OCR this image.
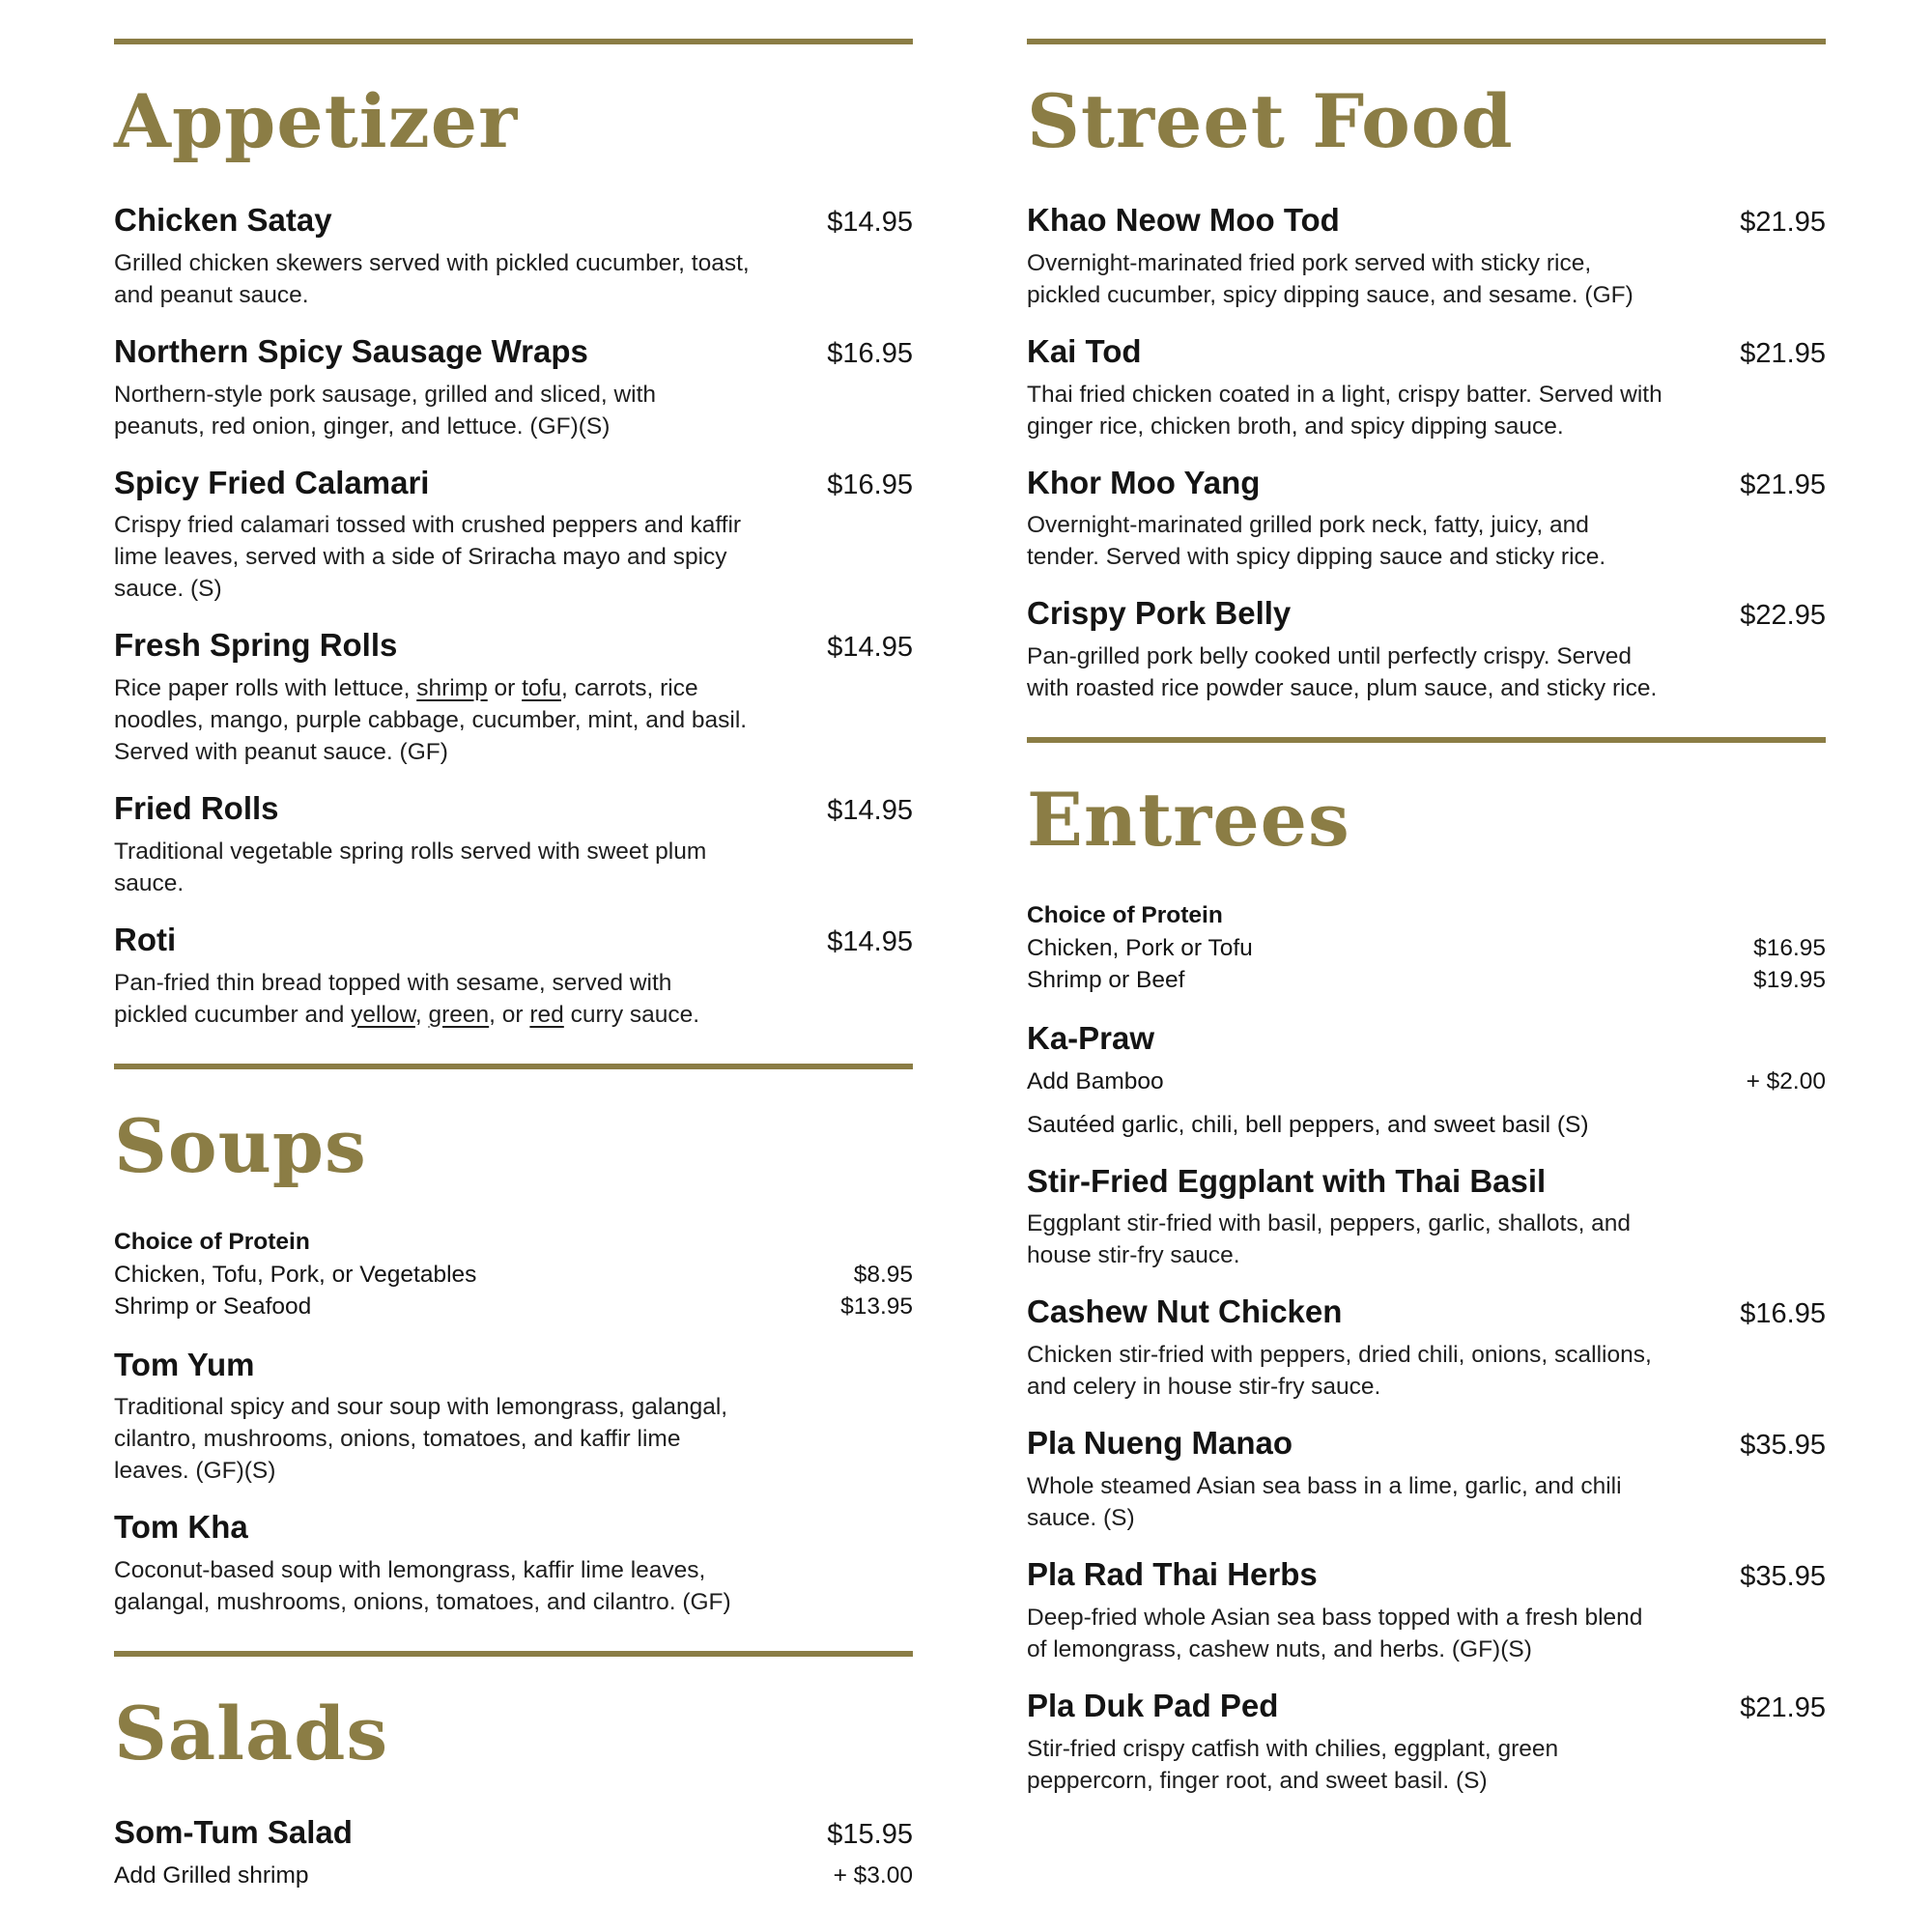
Appetizer
Chicken Satay	$14.95
Grilled chicken skewers served with pickled cucumber, toast, and peanut sauce.
Northern Spicy Sausage Wraps	$16.95
Northern-style pork sausage, grilled and sliced, with peanuts, red onion, ginger, and lettuce. (GF)(S)
Spicy Fried Calamari	$16.95
Crispy fried calamari tossed with crushed peppers and kaffir lime leaves, served with a side of Sriracha mayo and spicy sauce. (S)
Fresh Spring Rolls	$14.95
Rice paper rolls with lettuce, shrimp or tofu, carrots, rice noodles, mango, purple cabbage, cucumber, mint, and basil. Served with peanut sauce. (GF)
Fried Rolls	$14.95
Traditional vegetable spring rolls served with sweet plum sauce.
Roti	$14.95
Pan-fried thin bread topped with sesame, served with pickled cucumber and yellow, green, or red curry sauce.
Soups
Choice of Protein
Chicken, Tofu, Pork, or Vegetables	$8.95
Shrimp or Seafood	$13.95
Tom Yum
Traditional spicy and sour soup with lemongrass, galangal, cilantro, mushrooms, onions, tomatoes, and kaffir lime leaves. (GF)(S)
Tom Kha
Coconut-based soup with lemongrass, kaffir lime leaves, galangal, mushrooms, onions, tomatoes, and cilantro. (GF)
Salads
Som-Tum Salad	$15.95
Add Grilled shrimp	+ $3.00
Street Food
Khao Neow Moo Tod	$21.95
Overnight-marinated fried pork served with sticky rice, pickled cucumber, spicy dipping sauce, and sesame. (GF)
Kai Tod	$21.95
Thai fried chicken coated in a light, crispy batter. Served with ginger rice, chicken broth, and spicy dipping sauce.
Khor Moo Yang	$21.95
Overnight-marinated grilled pork neck, fatty, juicy, and tender. Served with spicy dipping sauce and sticky rice.
Crispy Pork Belly	$22.95
Pan-grilled pork belly cooked until perfectly crispy. Served with roasted rice powder sauce, plum sauce, and sticky rice.
Entrees
Choice of Protein
Chicken, Pork or Tofu	$16.95
Shrimp or Beef	$19.95
Ka-Praw
Add Bamboo	+ $2.00
Sautéed garlic, chili, bell peppers, and sweet basil (S)
Stir-Fried Eggplant with Thai Basil
Eggplant stir-fried with basil, peppers, garlic, shallots, and house stir-fry sauce.
Cashew Nut Chicken	$16.95
Chicken stir-fried with peppers, dried chili, onions, scallions, and celery in house stir-fry sauce.
Pla Nueng Manao	$35.95
Whole steamed Asian sea bass in a lime, garlic, and chili sauce. (S)
Pla Rad Thai Herbs	$35.95
Deep-fried whole Asian sea bass topped with a fresh blend of lemongrass, cashew nuts, and herbs. (GF)(S)
Pla Duk Pad Ped	$21.95
Stir-fried crispy catfish with chilies, eggplant, green peppercorn, finger root, and sweet basil. (S)
